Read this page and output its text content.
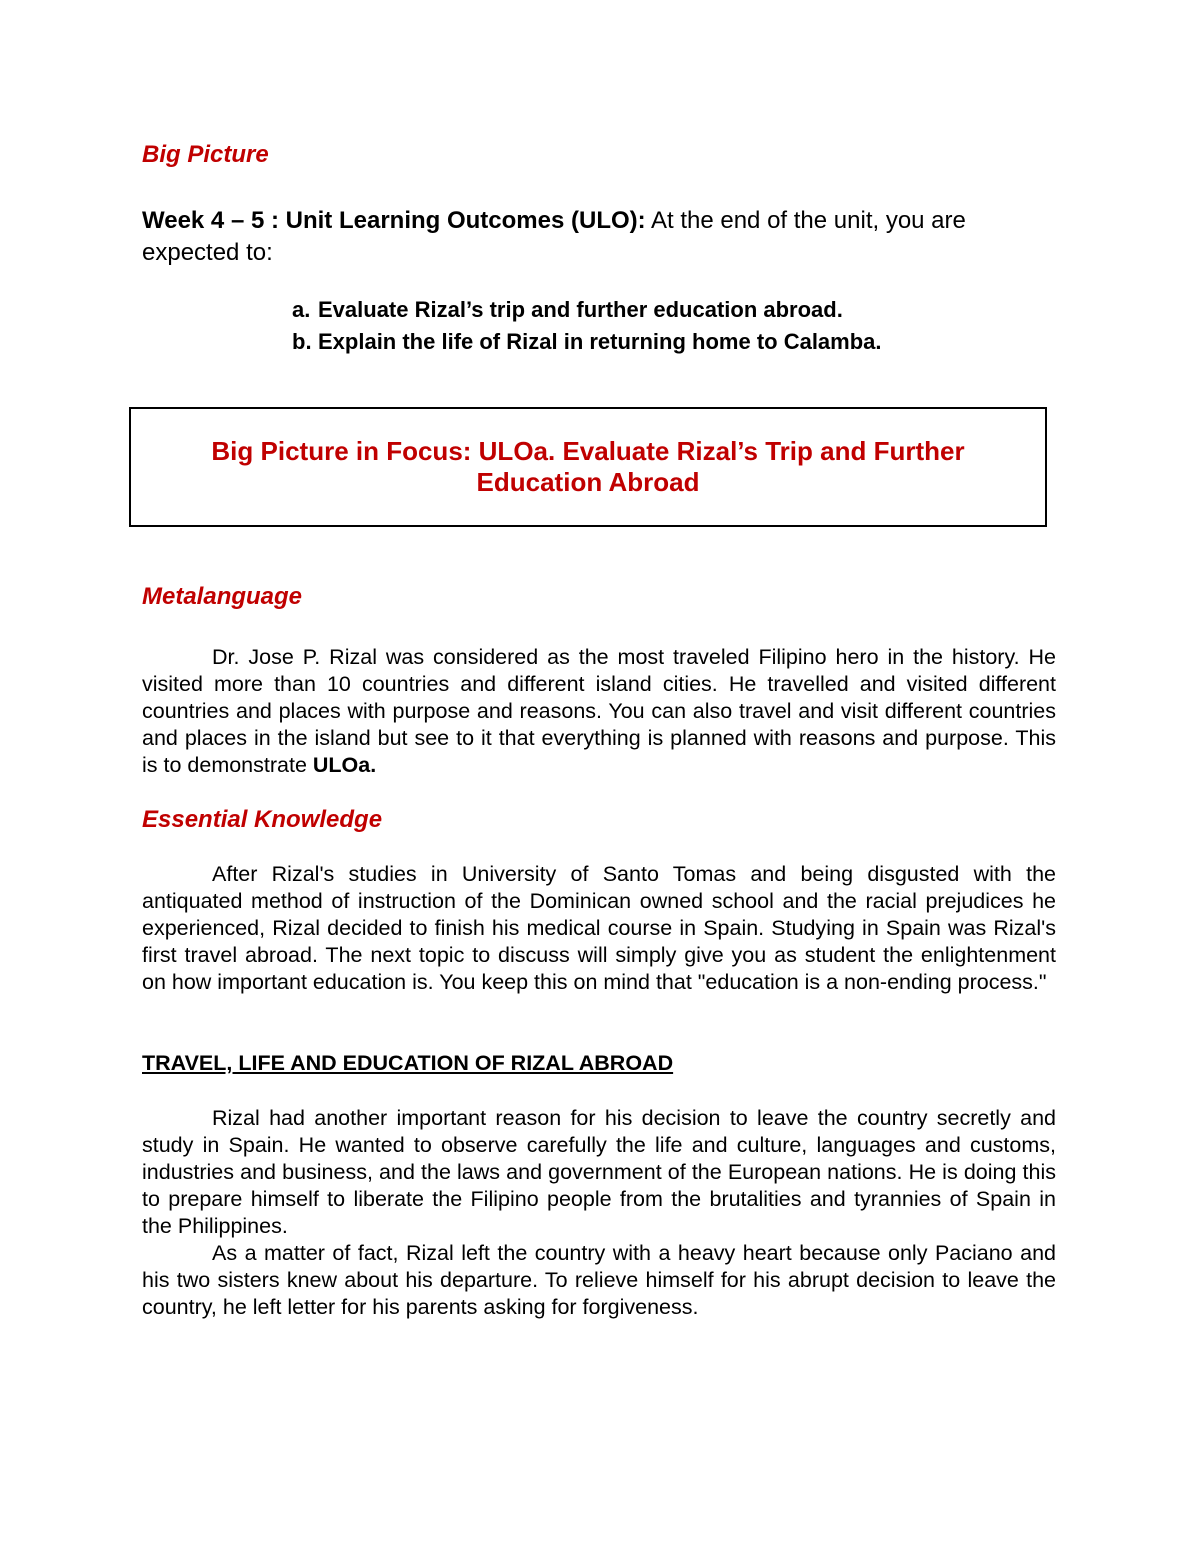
Big Picture
Week 4 – 5 : Unit Learning Outcomes (ULO): At the end of the unit, you are expected to:
a. Evaluate Rizal’s trip and further education abroad.
b. Explain the life of Rizal in returning home to Calamba.
Big Picture in Focus: ULOa. Evaluate Rizal’s Trip and Further Education Abroad
Metalanguage

Dr. Jose P. Rizal was considered as the most traveled Filipino hero in the history. He visited more than 10 countries and different island cities. He travelled and visited different countries and places with purpose and reasons. You can also travel and visit different countries and places in the island but see to it that everything is planned with reasons and purpose. This is to demonstrate ULOa.

Essential Knowledge

After Rizal's studies in University of Santo Tomas and being disgusted with the antiquated method of instruction of the Dominican owned school and the racial prejudices he experienced, Rizal decided to finish his medical course in Spain. Studying in Spain was Rizal's first travel abroad. The next topic to discuss will simply give you as student the enlightenment on how important education is. You keep this on mind that "education is a non-ending process."

TRAVEL, LIFE AND EDUCATION OF RIZAL ABROAD

Rizal had another important reason for his decision to leave the country secretly and study in Spain. He wanted to observe carefully the life and culture, languages and customs, industries and business, and the laws and government of the European nations. He is doing this to prepare himself to liberate the Filipino people from the brutalities and tyrannies of Spain in the Philippines.

As a matter of fact, Rizal left the country with a heavy heart because only Paciano and his two sisters knew about his departure. To relieve himself for his abrupt decision to leave the country, he left letter for his parents asking for forgiveness.
